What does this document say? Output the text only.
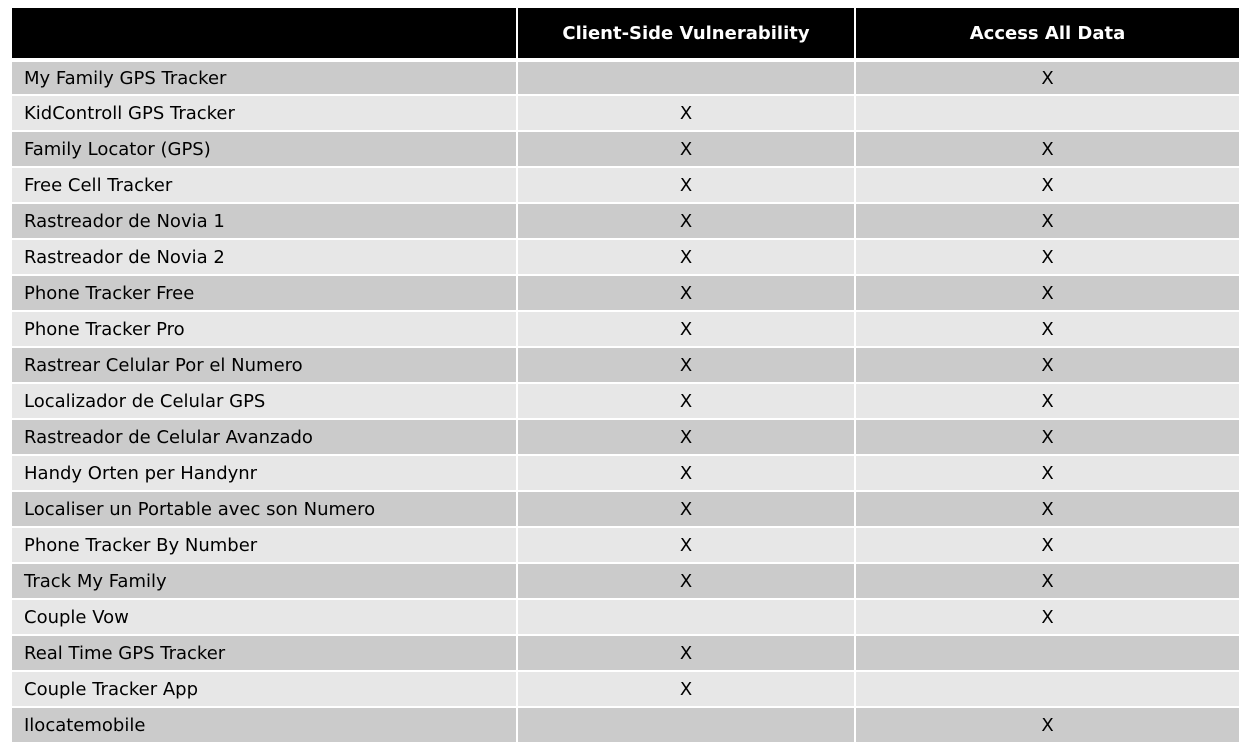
	Client-Side Vulnerability	Access All Data
My Family GPS Tracker		X
KidControll GPS Tracker	X	
Family Locator (GPS)	X	X
Free Cell Tracker	X	X
Rastreador de Novia 1	X	X
Rastreador de Novia 2	X	X
Phone Tracker Free	X	X
Phone Tracker Pro	X	X
Rastrear Celular Por el Numero	X	X
Localizador de Celular GPS	X	X
Rastreador de Celular Avanzado	X	X
Handy Orten per Handynr	X	X
Localiser un Portable avec son Numero	X	X
Phone Tracker By Number	X	X
Track My Family	X	X
Couple Vow		X
Real Time GPS Tracker	X	
Couple Tracker App	X	
Ilocatemobile		X
